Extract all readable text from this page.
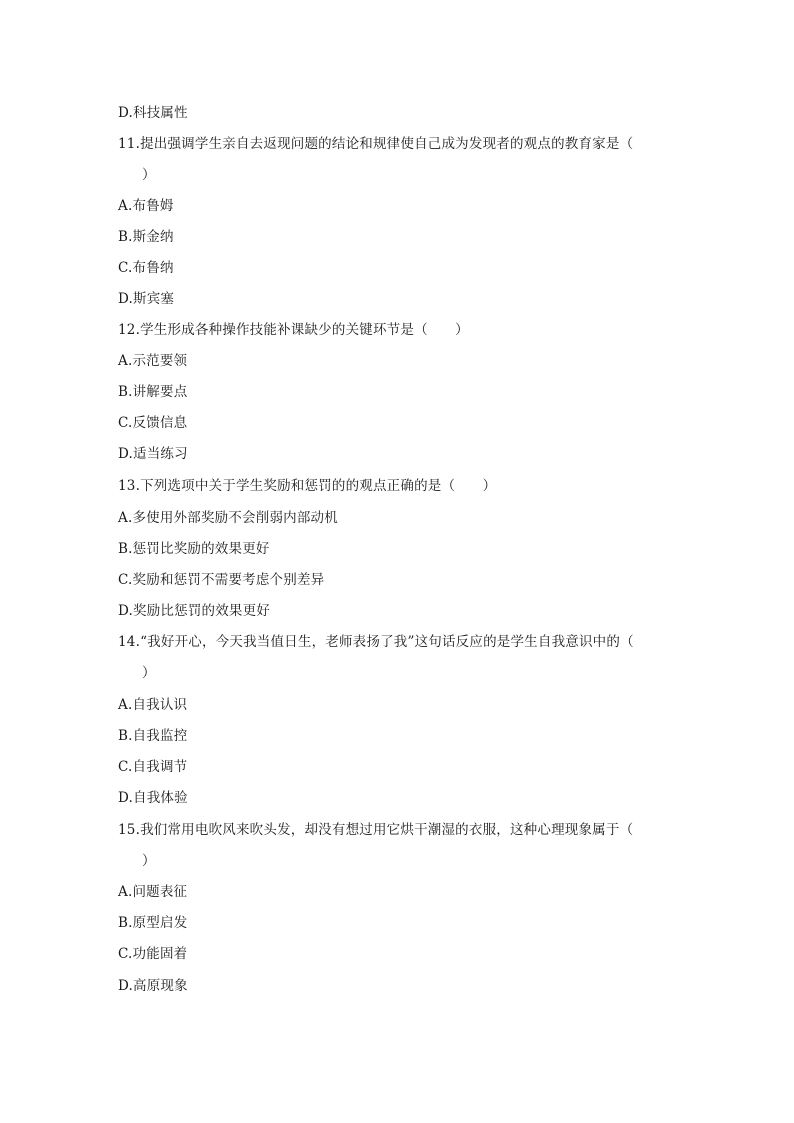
D.科技属性
11.提出强调学生亲自去返现问题的结论和规律使自己成为发现者的观点的教育家是（
）
A.布鲁姆
B.斯金纳
C.布鲁纳
D.斯宾塞
12.学生形成各种操作技能补课缺少的关键环节是（　　）
A.示范要领
B.讲解要点
C.反馈信息
D.适当练习
13.下列选项中关于学生奖励和惩罚的的观点正确的是（　　）
A.多使用外部奖励不会削弱内部动机
B.惩罚比奖励的效果更好
C.奖励和惩罚不需要考虑个别差异
D.奖励比惩罚的效果更好
14.“我好开心，今天我当值日生，老师表扬了我”这句话反应的是学生自我意识中的（
）
A.自我认识
B.自我监控
C.自我调节
D.自我体验
15.我们常用电吹风来吹头发，却没有想过用它烘干潮湿的衣服，这种心理现象属于（
）
A.问题表征
B.原型启发
C.功能固着
D.高原现象
